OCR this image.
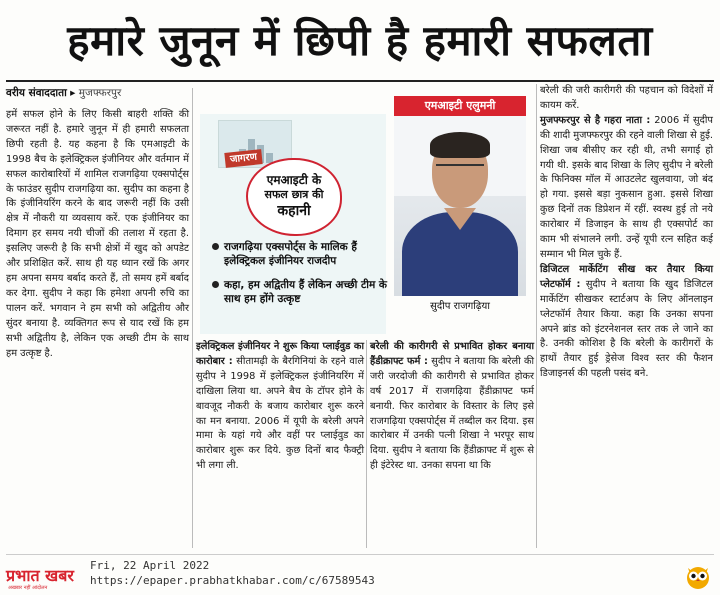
हमारे जुनून में छिपी है हमारी सफलता
वरीय संवाददाता ▸ मुजफ्फरपुर

हमें सफल होने के लिए किसी बाहरी शक्ति की जरूरत नहीं है. हमारे जुनून में ही हमारी सफलता छिपी रहती है. यह कहना है कि एमआइटी के 1998 बैच के इलेक्ट्रिकल इंजीनियर और वर्तमान में सफल कारोबारियों में शामिल राजगढ़िया एक्सपोर्ट्स के फाउंडर सुदीप राजगढ़िया का. सुदीप का कहना है कि इंजीनियरिंग करने के बाद जरूरी नहीं कि उसी क्षेत्र में नौकरी या व्यवसाय करें. एक इंजीनियर का दिमाग हर समय नयी चीजों की तलाश में रहता है. इसलिए जरूरी है कि सभी क्षेत्रों में खुद को अपडेट और प्रशिक्षित करें. साथ ही यह ध्यान रखें कि अगर हम अपना समय बर्बाद करते हैं, तो समय हमें बर्बाद कर देगा. सुदीप ने कहा कि हमेशा अपनी रुचि का पालन करें. भगवान ने हम सभी को अद्वितीय और सुंदर बनाया है. व्यक्तिगत रूप से याद रखें कि हम सभी अद्वितीय है, लेकिन एक अच्छी टीम के साथ हम उत्कृष्ट है.

जागरण
एमआइटी के
सफल छात्र की
कहानी
राजगढ़िया एक्सपोर्ट्स के मालिक हैं इलेक्ट्रिकल इंजीनियर राजदीप
कहा, हम अद्वितीय हैं लेकिन अच्छी टीम के साथ हम होंगे उत्कृष्ट
एमआइटी एलुमनी
सुदीप राजगढ़िया

इलेक्ट्रिकल इंजीनियर ने शुरू किया प्लाईवुड का कारोबार : सीतामढ़ी के बैरगिनियां के रहने वाले सुदीप ने 1998 में इलेक्ट्रिकल इंजीनियरिंग में दाखिला लिया था. अपने बैच के टॉपर होने के बावजूद नौकरी के बजाय कारोबार शुरू करने का मन बनाया. 2006 में यूपी के बरेली अपने मामा के यहां गये और वहीं पर प्लाईवुड का कारोबार शुरू कर दिये. कुछ दिनों बाद फैक्ट्री भी लगा ली.

बरेली की कारीगरी से प्रभावित होकर बनाया हैंडीक्राफ्ट फर्म : सुदीप ने बताया कि बरेली की जरी जरदोजी की कारीगरी से प्रभावित होकर वर्ष 2017 में राजगढ़िया हैंडीक्राफ्ट फर्म बनायी. फिर कारोबार के विस्तार के लिए इसे राजगढ़िया एक्सपोर्ट्स में तब्दील कर दिया. इस कारोबार में उनकी पत्नी शिखा ने भरपूर साथ दिया. सुदीप ने बताया कि हैंडीक्राफ्ट में शुरू से ही इंटेरेस्ट था. उनका सपना था कि

बरेली की जरी कारीगरी की पहचान को विदेशों में कायम करें.

मुजफ्फरपुर से है गहरा नाता : 2006 में सुदीप की शादी मुजफ्फरपुर की रहने वाली शिखा से हुई. शिखा जब बीसीए कर रही थी, तभी सगाई हो गयी थी. इसके बाद शिखा के लिए सुदीप ने बरेली के फिनिक्स मॉल में आउटलेट खुलवाया, जो बंद हो गया. इससे बड़ा नुकसान हुआ. इससे शिखा कुछ दिनों तक डिप्रेशन में रहीं. स्वस्थ हुई तो नये कारोबार में डिजाइन के साथ ही एक्सपोर्ट का काम भी संभालने लगी. उन्हें यूपी रत्न सहित कई सम्मान भी मिल चुके हैं.

डिजिटल मार्केटिंग सीख कर तैयार किया प्लेटफॉर्म : सुदीप ने बताया कि खुद डिजिटल मार्केटिंग सीखकर स्टार्टअप के लिए ऑनलाइन प्लेटफॉर्म तैयार किया. कहा कि उनका सपना अपने ब्रांड को इंटरनेशनल स्तर तक ले जाने का है. उनकी कोशिश है कि बरेली के कारीगरों के हाथों तैयार हुई ड्रेसेज विश्व स्तर की फैशन डिजाइनर्स की पहली पसंद बने.

प्रभात खबर
अखबार नहीं आंदोलन
Fri, 22 April 2022
https://epaper.prabhatkhabar.com/c/67589543
